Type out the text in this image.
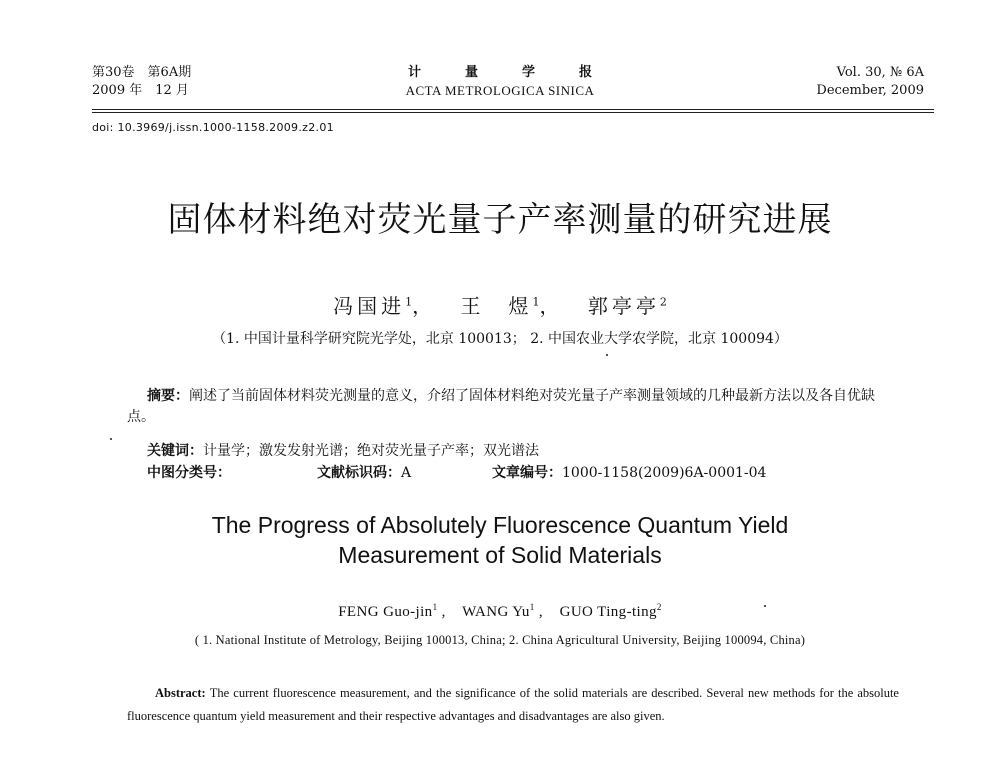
第30卷　第6A期
2009 年　12 月
计量学报
ACTA METROLOGICA SINICA
Vol. 30, № 6A
December, 2009
doi: 10.3969/j.issn.1000-1158.2009.z2.01
固体材料绝对荧光量子产率测量的研究进展
冯国进$^1$，　 王　煜$^1$，　 郭亭亭$^2$
（1. 中国计量科学研究院光学处，北京 100013； 2. 中国农业大学农学院，北京 100094）
摘要：阐述了当前固体材料荧光测量的意义，介绍了固体材料绝对荧光量子产率测量领域的几种最新方法以及各自优缺点。
关键词：计量学；激发发射光谱；绝对荧光量子产率；双光谱法
中图分类号：	文献标识码：A	文章编号：1000-1158(2009)6A-0001-04
The Progress of Absolutely Fluorescence Quantum Yield
Measurement of Solid Materials
FENG Guo-jin$^1$ ,    WANG Yu$^1$ ,    GUO Ting-ting$^2$
( 1. National Institute of Metrology, Beijing 100013, China; 2. China Agricultural University, Beijing 100094, China)
Abstract: The current fluorescence measurement, and the significance of the solid materials are described. Several new methods for the absolute fluorescence quantum yield measurement and their respective advantages and disadvantages are also given.
